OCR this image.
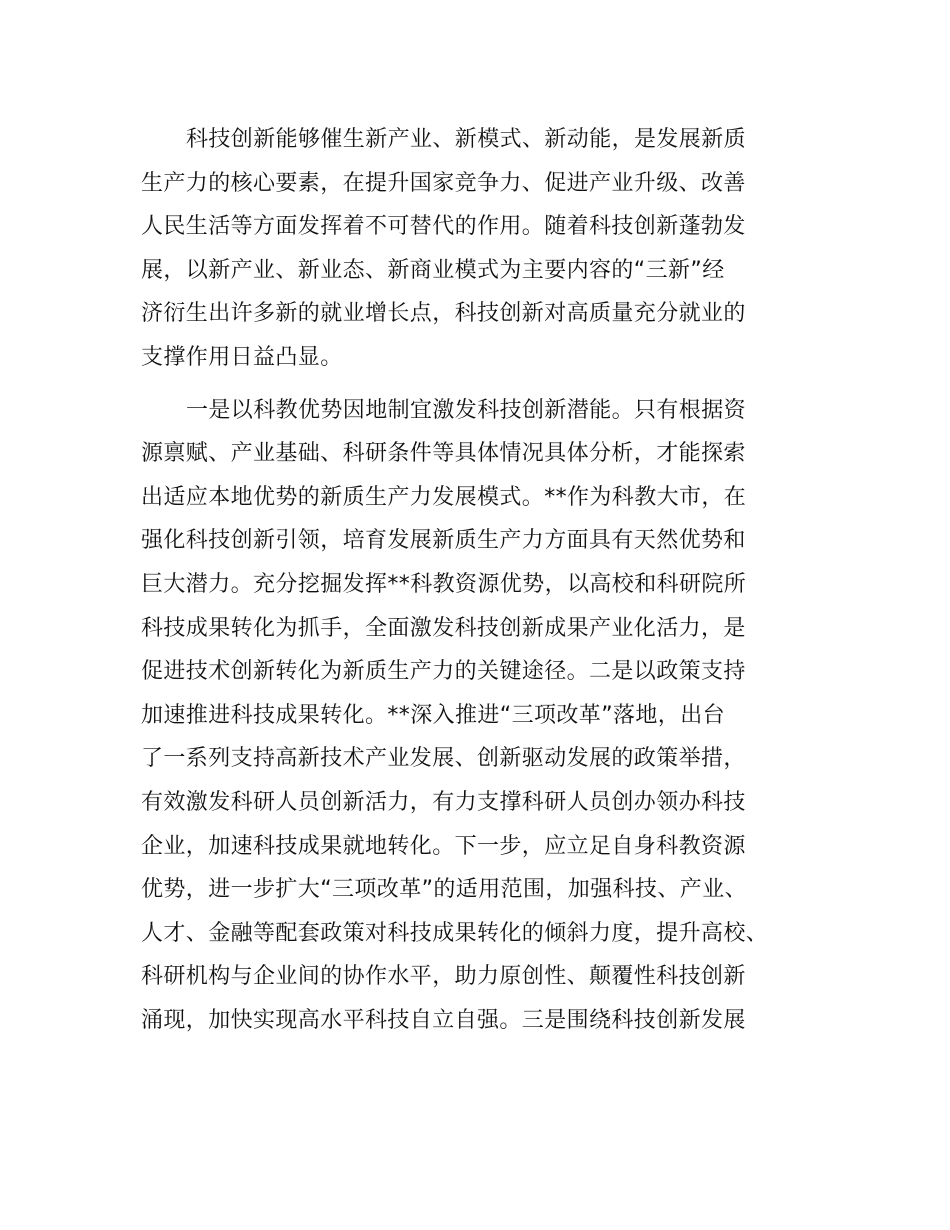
科技创新能够催生新产业、新模式、新动能，是发展新质
生产力的核心要素，在提升国家竞争力、促进产业升级、改善
人民生活等方面发挥着不可替代的作用。随着科技创新蓬勃发
展，以新产业、新业态、新商业模式为主要内容的“三新”经
济衍生出许多新的就业增长点，科技创新对高质量充分就业的
支撑作用日益凸显。
一是以科教优势因地制宜激发科技创新潜能。只有根据资
源禀赋、产业基础、科研条件等具体情况具体分析，才能探索
出适应本地优势的新质生产力发展模式。**作为科教大市，在
强化科技创新引领，培育发展新质生产力方面具有天然优势和
巨大潜力。充分挖掘发挥**科教资源优势，以高校和科研院所
科技成果转化为抓手，全面激发科技创新成果产业化活力，是
促进技术创新转化为新质生产力的关键途径。二是以政策支持
加速推进科技成果转化。**深入推进“三项改革”落地，出台
了一系列支持高新技术产业发展、创新驱动发展的政策举措，
有效激发科研人员创新活力，有力支撑科研人员创办领办科技
企业，加速科技成果就地转化。下一步，应立足自身科教资源
优势，进一步扩大“三项改革”的适用范围，加强科技、产业、
人才、金融等配套政策对科技成果转化的倾斜力度，提升高校、
科研机构与企业间的协作水平，助力原创性、颠覆性科技创新
涌现，加快实现高水平科技自立自强。三是围绕科技创新发展
